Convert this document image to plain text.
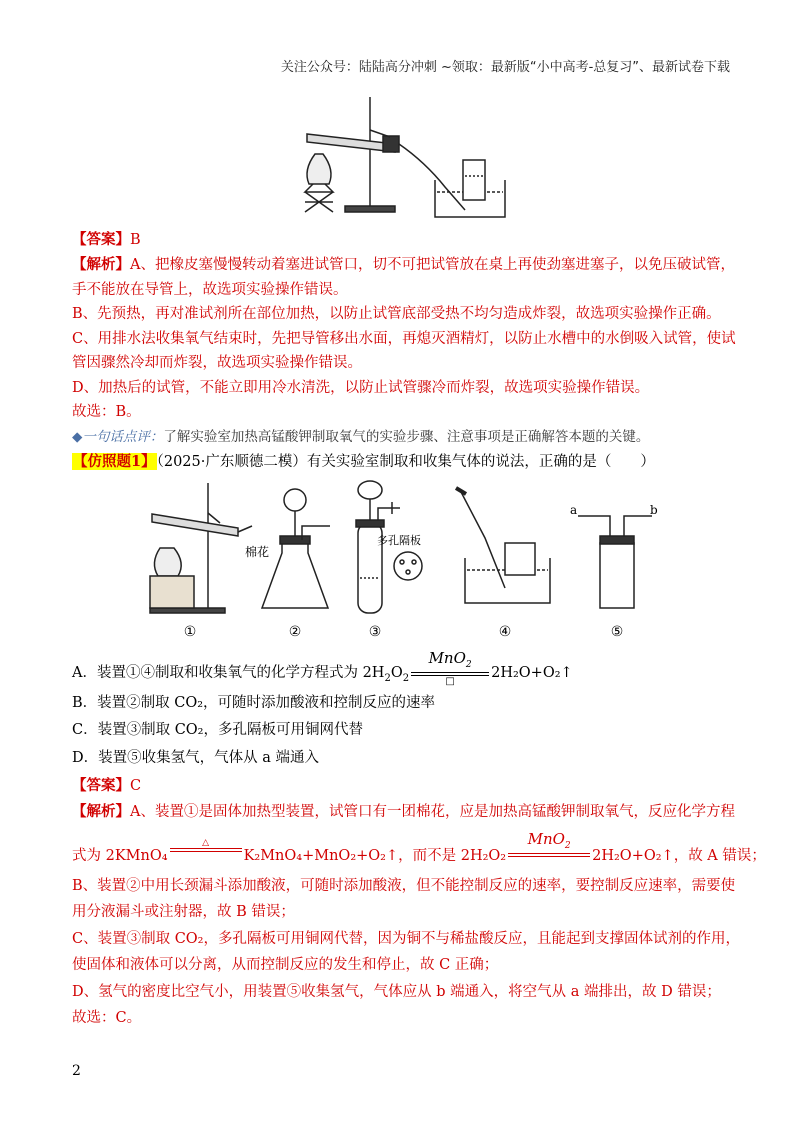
关注公众号：陆陆高分冲刺 ~领取：最新版“小中高考-总复习”、最新试卷下载
【答案】B
【解析】A、把橡皮塞慢慢转动着塞进试管口，切不可把试管放在桌上再使劲塞进塞子，以免压破试管，
手不能放在导管上，故选项实验操作错误。
B、先预热，再对准试剂所在部位加热，以防止试管底部受热不均匀造成炸裂，故选项实验操作正确。
C、用排水法收集氧气结束时，先把导管移出水面，再熄灭酒精灯，以防止水槽中的水倒吸入试管，使试
管因骤然冷却而炸裂，故选项实验操作错误。
D、加热后的试管，不能立即用冷水清洗，以防止试管骤冷而炸裂，故选项实验操作错误。
故选：B。
◆一句话点评：了解实验室加热高锰酸钾制取氧气的实验步骤、注意事项是正确解答本题的关键。
【仿照题1】（2025·广东顺德二模）有关实验室制取和收集气体的说法，正确的是（　　）
棉花
多孔隔板
a	b
①	②	③	④	⑤
A．装置①④制取和收集氧气的化学方程式为 $2H_2O_2 \frac{MnO_2}{□}$ 2H₂O+O₂↑
B．装置②制取 CO₂，可随时添加酸液和控制反应的速率
C．装置③制取 CO₂，多孔隔板可用铜网代替
D．装置⑤收集氢气，气体从 a 端通入
【答案】C
【解析】A、装置①是固体加热型装置，试管口有一团棉花，应是加热高锰酸钾制取氧气，反应化学方程
式为 2KMnO₄
△

K₂MnO₄+MnO₂+O₂↑，而不是 2H₂O₂
MnO$_2$

2H₂O+O₂↑，故 A 错误；
B、装置②中用长颈漏斗添加酸液，可随时添加酸液，但不能控制反应的速率，要控制反应速率，需要使
用分液漏斗或注射器，故 B 错误；
C、装置③制取 CO₂，多孔隔板可用铜网代替，因为铜不与稀盐酸反应，且能起到支撑固体试剂的作用，
使固体和液体可以分离，从而控制反应的发生和停止，故 C 正确；
D、氢气的密度比空气小，用装置⑤收集氢气，气体应从 b 端通入，将空气从 a 端排出，故 D 错误；
故选：C。
2
